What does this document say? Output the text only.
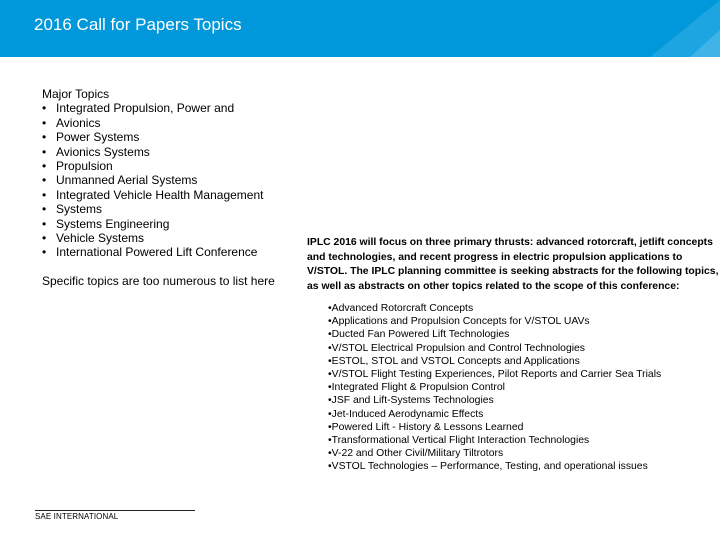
2016 Call for Papers Topics
Major Topics
• Integrated Propulsion, Power and
• Avionics
• Power Systems
• Avionics Systems
• Propulsion
• Unmanned Aerial Systems
• Integrated Vehicle Health Management
• Systems
• Systems Engineering
• Vehicle Systems
• International Powered Lift Conference
Specific topics are too numerous to list here
IPLC 2016 will focus on three primary thrusts: advanced rotorcraft, jetlift concepts and technologies, and recent progress in electric propulsion applications to V/STOL. The IPLC planning committee is seeking abstracts for the following topics, as well as abstracts on other topics related to the scope of this conference:
•Advanced Rotorcraft Concepts
•Applications and Propulsion Concepts for V/STOL UAVs
•Ducted Fan Powered Lift Technologies
•V/STOL Electrical Propulsion and Control Technologies
•ESTOL, STOL and VSTOL Concepts and Applications
•V/STOL Flight Testing Experiences, Pilot Reports and Carrier Sea Trials
•Integrated Flight & Propulsion Control
•JSF and Lift-Systems Technologies
•Jet-Induced Aerodynamic Effects
•Powered Lift - History & Lessons Learned
•Transformational Vertical Flight Interaction Technologies
•V-22 and Other Civil/Military Tiltrotors
•VSTOL Technologies – Performance, Testing, and operational issues
SAE INTERNATIONAL
